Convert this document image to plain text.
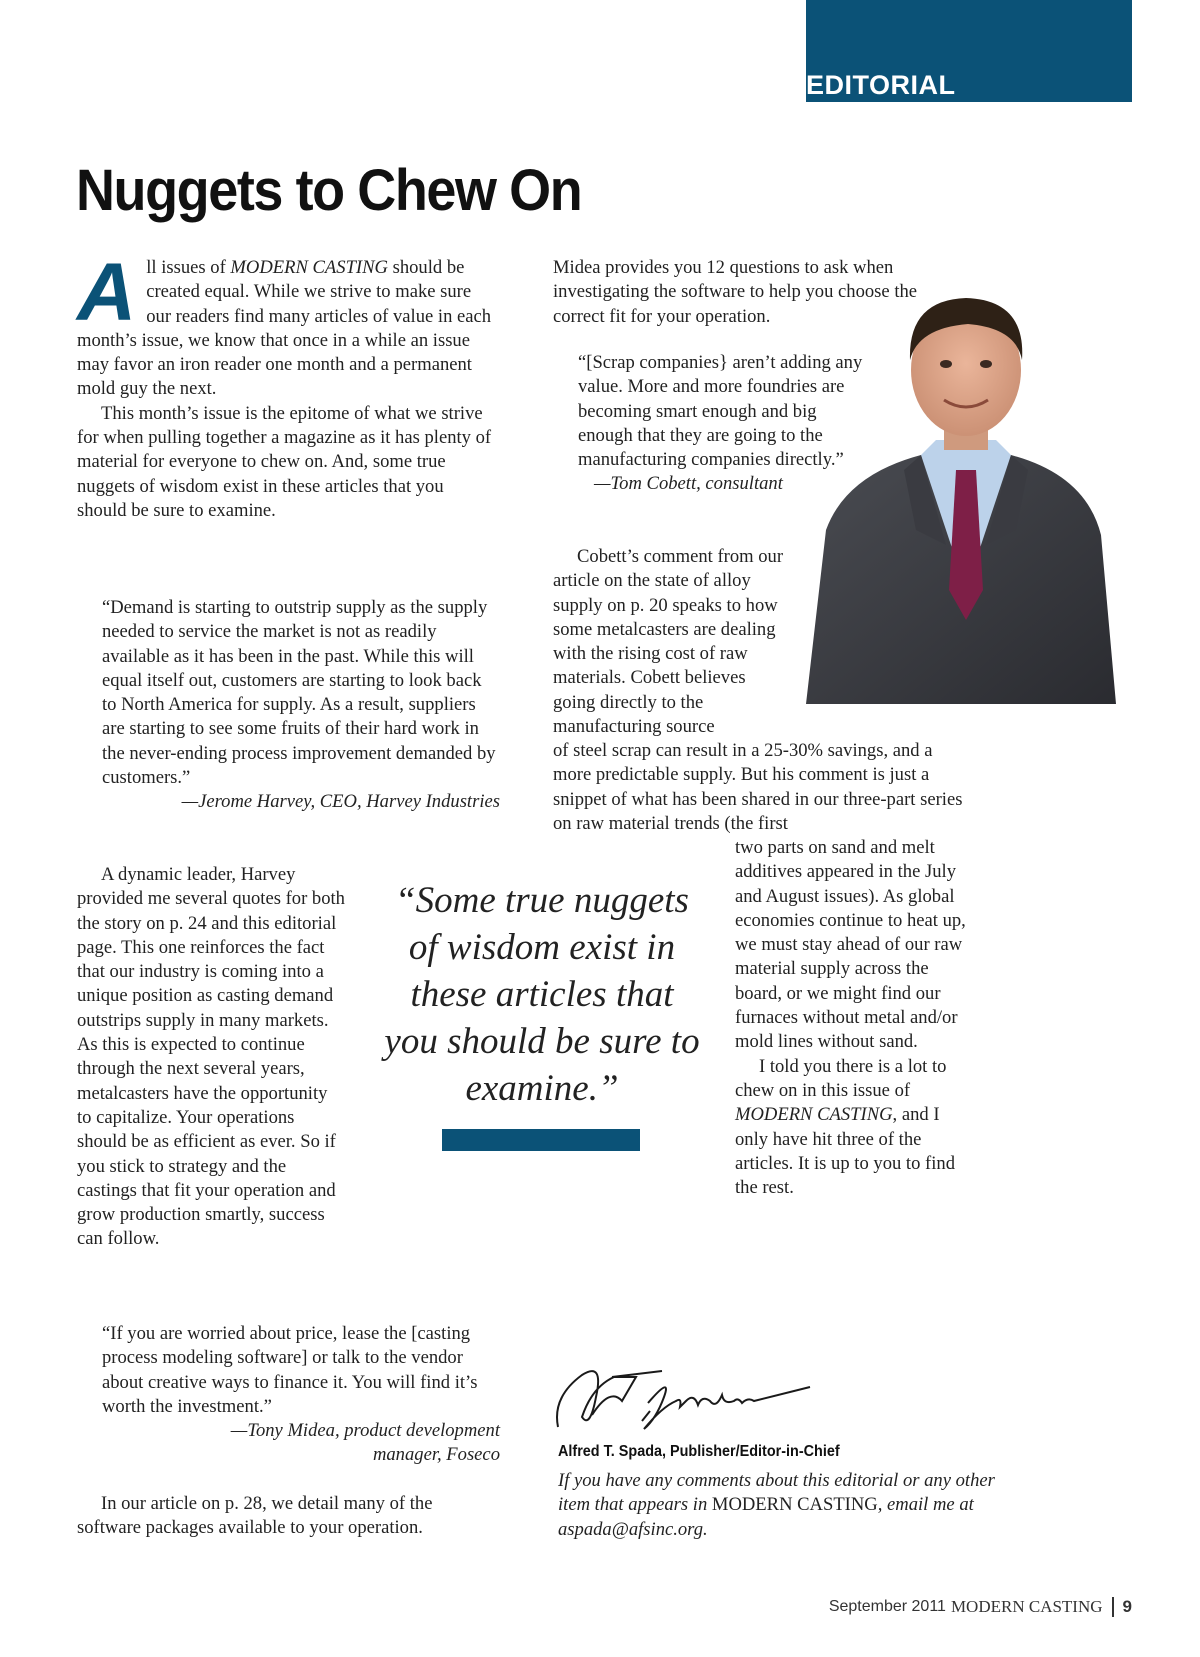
EDITORIAL
Nuggets to Chew On

All issues of MODERN CASTING should be created equal. While we strive to make sure our readers find many articles of value in each month’s issue, we know that once in a while an issue may favor an iron reader one month and a permanent mold guy the next.

This month’s issue is the epitome of what we strive for when pulling together a magazine as it has plenty of material for everyone to chew on. And, some true nuggets of wisdom exist in these articles that you should be sure to examine.

“Demand is starting to outstrip supply as the supply needed to service the market is not as readily available as it has been in the past. While this will equal itself out, customers are starting to look back to North America for supply. As a result, suppliers are starting to see some fruits of their hard work in the never-ending process improvement demanded by customers.”

—Jerome Harvey, CEO, Harvey Industries

A dynamic leader, Harvey provided me several quotes for both the story on p. 24 and this editorial page. This one reinforces the fact that our industry is coming into a unique position as casting demand outstrips supply in many markets. As this is expected to continue through the next several years, metalcasters have the opportunity to capitalize. Your operations should be as efficient as ever. So if you stick to strategy and the castings that fit your operation and grow production smartly, success can follow.

“If you are worried about price, lease the [casting process modeling software] or talk to the vendor about creative ways to finance it. You will find it’s worth the investment.”

—Tony Midea, product development
manager, Foseco

In our article on p. 28, we detail many of the software packages available to your operation.

Midea provides you 12 questions to ask when investigating the software to help you choose the correct fit for your operation.

“[Scrap companies} aren’t adding any value. More and more foundries are becoming smart enough and big enough that they are going to the manufacturing companies directly.”

—Tom Cobett, consultant

Cobett’s comment from our article on the state of alloy supply on p. 20 speaks to how some metalcasters are dealing with the rising cost of raw materials. Cobett believes going directly to the manufacturing source

of steel scrap can result in a 25-30% savings, and a more predictable supply. But his comment is just a snippet of what has been shared in our three-part series on raw material trends (the first

two parts on sand and melt additives appeared in the July and August issues). As global economies continue to heat up, we must stay ahead of our raw material supply across the board, or we might find our furnaces without metal and/or mold lines without sand.

I told you there is a lot to chew on in this issue of MODERN CASTING, and I only have hit three of the articles. It is up to you to find the rest.

“Some true nuggets of wisdom exist in these articles that you should be sure to examine.”

Alfred T. Spada, Publisher/Editor-in-Chief

If you have any comments about this editorial or any other item that appears in MODERN CASTING, email me at aspada@afsinc.org.

September 2011 MODERN CASTING 9
